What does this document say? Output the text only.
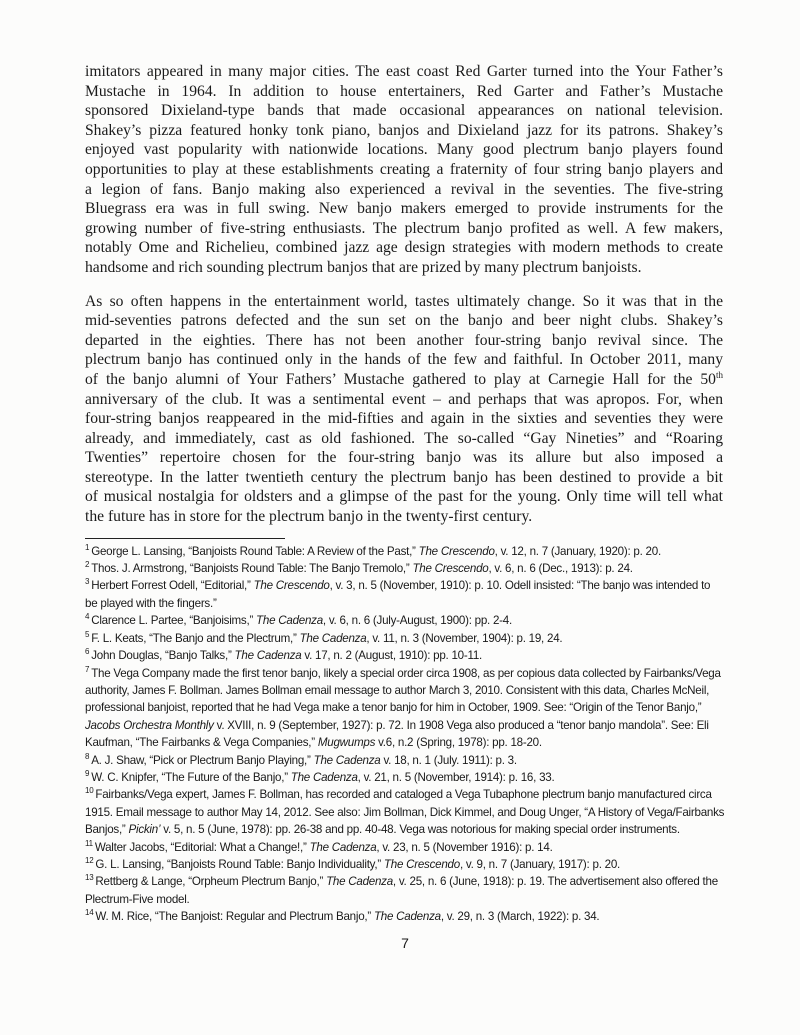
imitators appeared in many major cities. The east coast Red Garter turned into the Your Father’s
Mustache in 1964. In addition to house entertainers, Red Garter and Father’s Mustache
sponsored Dixieland-type bands that made occasional appearances on national television.
Shakey’s pizza featured honky tonk piano, banjos and Dixieland jazz for its patrons. Shakey’s
enjoyed vast popularity with nationwide locations. Many good plectrum banjo players found
opportunities to play at these establishments creating a fraternity of four string banjo players and
a legion of fans. Banjo making also experienced a revival in the seventies. The five-string
Bluegrass era was in full swing. New banjo makers emerged to provide instruments for the
growing number of five-string enthusiasts. The plectrum banjo profited as well. A few makers,
notably Ome and Richelieu, combined jazz age design strategies with modern methods to create
handsome and rich sounding plectrum banjos that are prized by many plectrum banjoists.
As so often happens in the entertainment world, tastes ultimately change. So it was that in the
mid-seventies patrons defected and the sun set on the banjo and beer night clubs. Shakey’s
departed in the eighties. There has not been another four-string banjo revival since. The
plectrum banjo has continued only in the hands of the few and faithful. In October 2011, many
of the banjo alumni of Your Fathers’ Mustache gathered to play at Carnegie Hall for the 50th
anniversary of the club. It was a sentimental event – and perhaps that was apropos. For, when
four-string banjos reappeared in the mid-fifties and again in the sixties and seventies they were
already, and immediately, cast as old fashioned. The so-called “Gay Nineties” and “Roaring
Twenties” repertoire chosen for the four-string banjo was its allure but also imposed a
stereotype. In the latter twentieth century the plectrum banjo has been destined to provide a bit
of musical nostalgia for oldsters and a glimpse of the past for the young. Only time will tell what
the future has in store for the plectrum banjo in the twenty-first century.
$^1$ George L. Lansing, “Banjoists Round Table: A Review of the Past,” The Crescendo, v. 12, n. 7 (January, 1920): p. 20.
$^2$ Thos. J. Armstrong, “Banjoists Round Table: The Banjo Tremolo,” The Crescendo, v. 6, n. 6 (Dec., 1913): p. 24.
$^3$ Herbert Forrest Odell, “Editorial,” The Crescendo, v. 3, n. 5 (November, 1910): p. 10. Odell insisted: “The banjo was intended to be played with the fingers.”
$^4$ Clarence L. Partee, “Banjoisims,” The Cadenza, v. 6, n. 6 (July-August, 1900): pp. 2-4.
$^5$ F. L. Keats, “The Banjo and the Plectrum,” The Cadenza, v. 11, n. 3 (November, 1904): p. 19, 24.
$^6$ John Douglas, “Banjo Talks,” The Cadenza v. 17, n. 2 (August, 1910): pp. 10-11.
$^7$ The Vega Company made the first tenor banjo, likely a special order circa 1908, as per copious data collected by Fairbanks/Vega authority, James F. Bollman. James Bollman email message to author March 3, 2010. Consistent with this data, Charles McNeil, professional banjoist, reported that he had Vega make a tenor banjo for him in October, 1909. See: “Origin of the Tenor Banjo,” Jacobs Orchestra Monthly v. XVIII, n. 9 (September, 1927): p. 72. In 1908 Vega also produced a “tenor banjo mandola”. See: Eli Kaufman, “The Fairbanks & Vega Companies,” Mugwumps v.6, n.2 (Spring, 1978): pp. 18-20.
$^8$ A. J. Shaw, “Pick or Plectrum Banjo Playing,” The Cadenza v. 18, n. 1 (July. 1911): p. 3.
$^9$ W. C. Knipfer, “The Future of the Banjo,” The Cadenza, v. 21, n. 5 (November, 1914): p. 16, 33.
$^{10}$ Fairbanks/Vega expert, James F. Bollman, has recorded and cataloged a Vega Tubaphone plectrum banjo manufactured circa 1915. Email message to author May 14, 2012. See also: Jim Bollman, Dick Kimmel, and Doug Unger, “A History of Vega/Fairbanks Banjos,” Pickin’ v. 5, n. 5 (June, 1978): pp. 26-38 and pp. 40-48. Vega was notorious for making special order instruments.
$^{11}$ Walter Jacobs, “Editorial: What a Change!,” The Cadenza, v. 23, n. 5 (November 1916): p. 14.
$^{12}$ G. L. Lansing, “Banjoists Round Table: Banjo Individuality,” The Crescendo, v. 9, n. 7 (January, 1917): p. 20.
$^{13}$ Rettberg & Lange, “Orpheum Plectrum Banjo,” The Cadenza, v. 25, n. 6 (June, 1918): p. 19. The advertisement also offered the Plectrum-Five model.
$^{14}$ W. M. Rice, “The Banjoist: Regular and Plectrum Banjo,” The Cadenza, v. 29, n. 3 (March, 1922): p. 34.
7
